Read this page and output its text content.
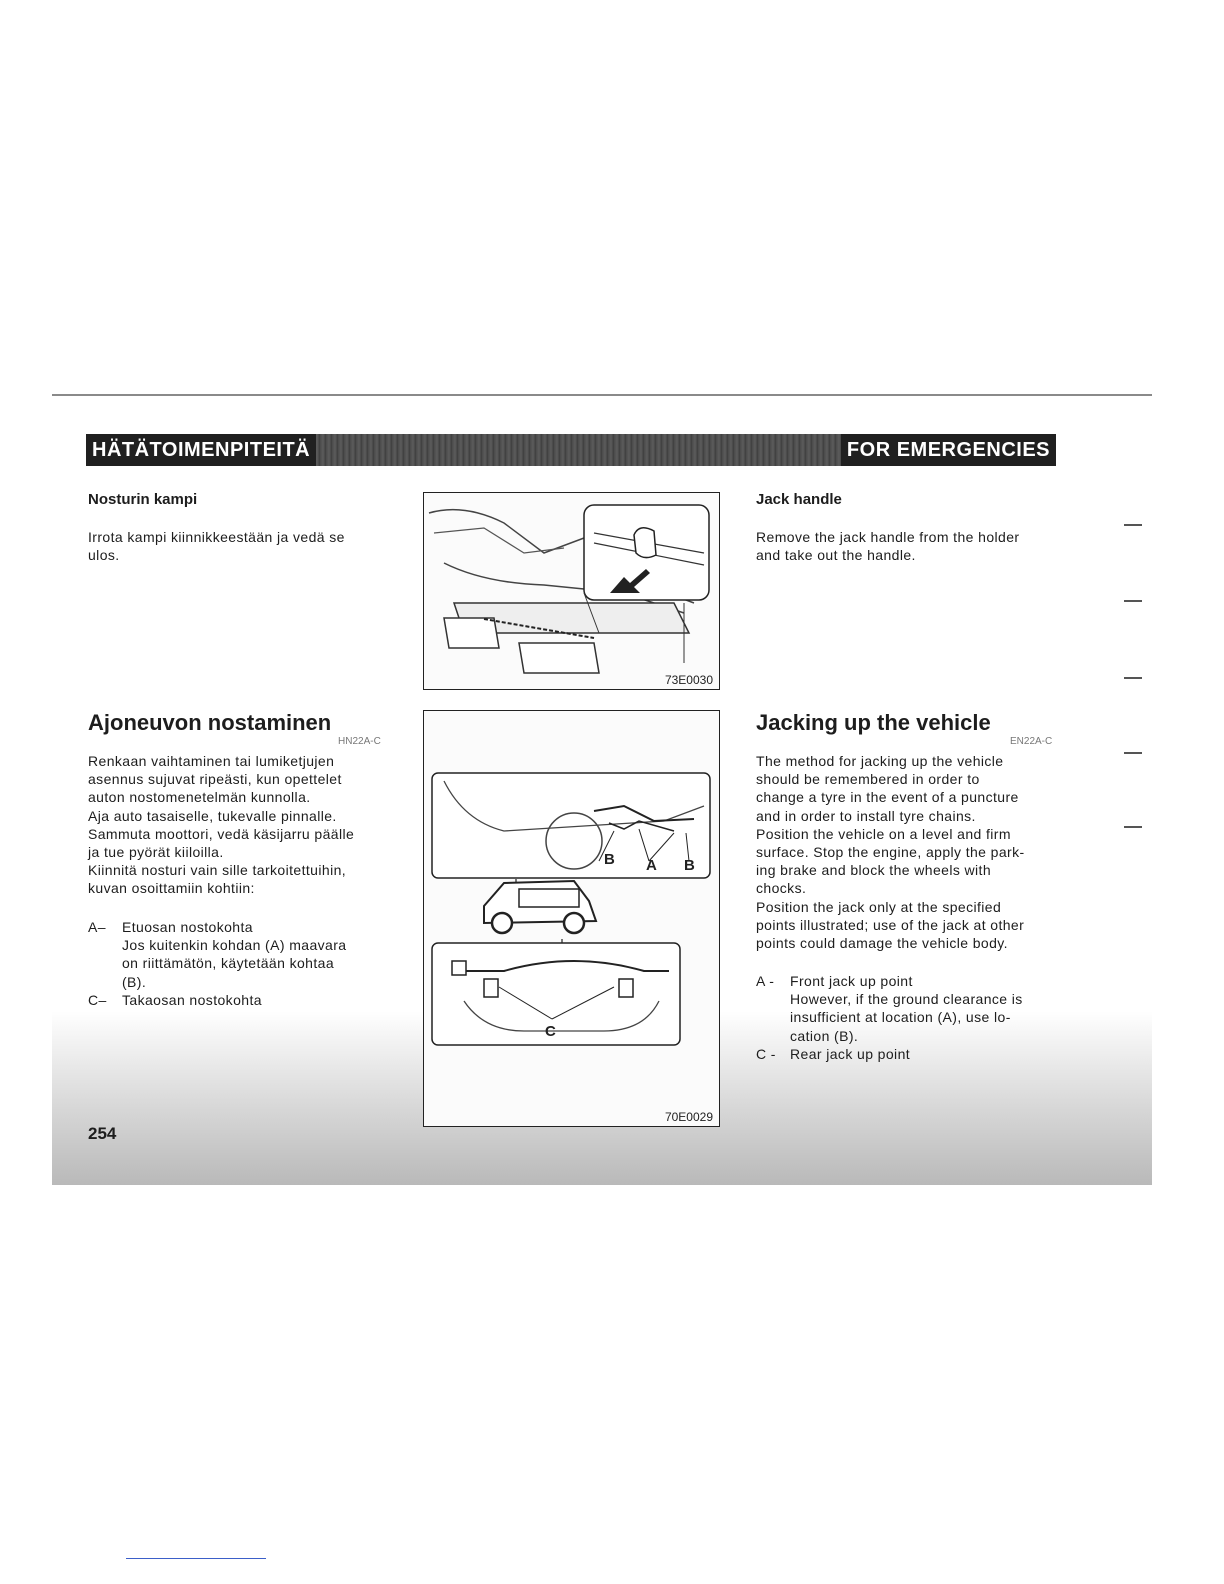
HÄTÄTOIMENPITEITÄ	FOR EMERGENCIES
Nosturin kampi
Irrota kampi kiinnikkeestään ja vedä se
ulos.
Ajoneuvon nostaminen
HN22A-C
Renkaan vaihtaminen tai lumiketjujen
asennus sujuvat ripeästi, kun opettelet
auton nostomenetelmän kunnolla.
Aja auto tasaiselle, tukevalle pinnalle.
Sammuta moottori, vedä käsijarru päälle
ja tue pyörät kiiloilla.
Kiinnitä nosturi vain sille tarkoitettuihin,
kuvan osoittamiin kohtiin:
A–	Etuosan nostokohta
Jos kuitenkin kohdan (A) maavara
on riittämätön, käytetään kohtaa
(B).
C–	Takaosan nostokohta
73E0030
B A B
C
70E0029
Jack handle
Remove the jack handle from the holder
and take out the handle.
Jacking up the vehicle
EN22A-C
The method for jacking up the vehicle
should be remembered in order to
change a tyre in the event of a puncture
and in order to install tyre chains.
Position the vehicle on a level and firm
surface. Stop the engine, apply the park-
ing brake and block the wheels with
chocks.
Position the jack only at the specified
points illustrated; use of the jack at other
points could damage the vehicle body.
A -	Front jack up point
However, if the ground clearance is
insufficient at location (A), use lo-
cation (B).
C -	Rear jack up point
254
